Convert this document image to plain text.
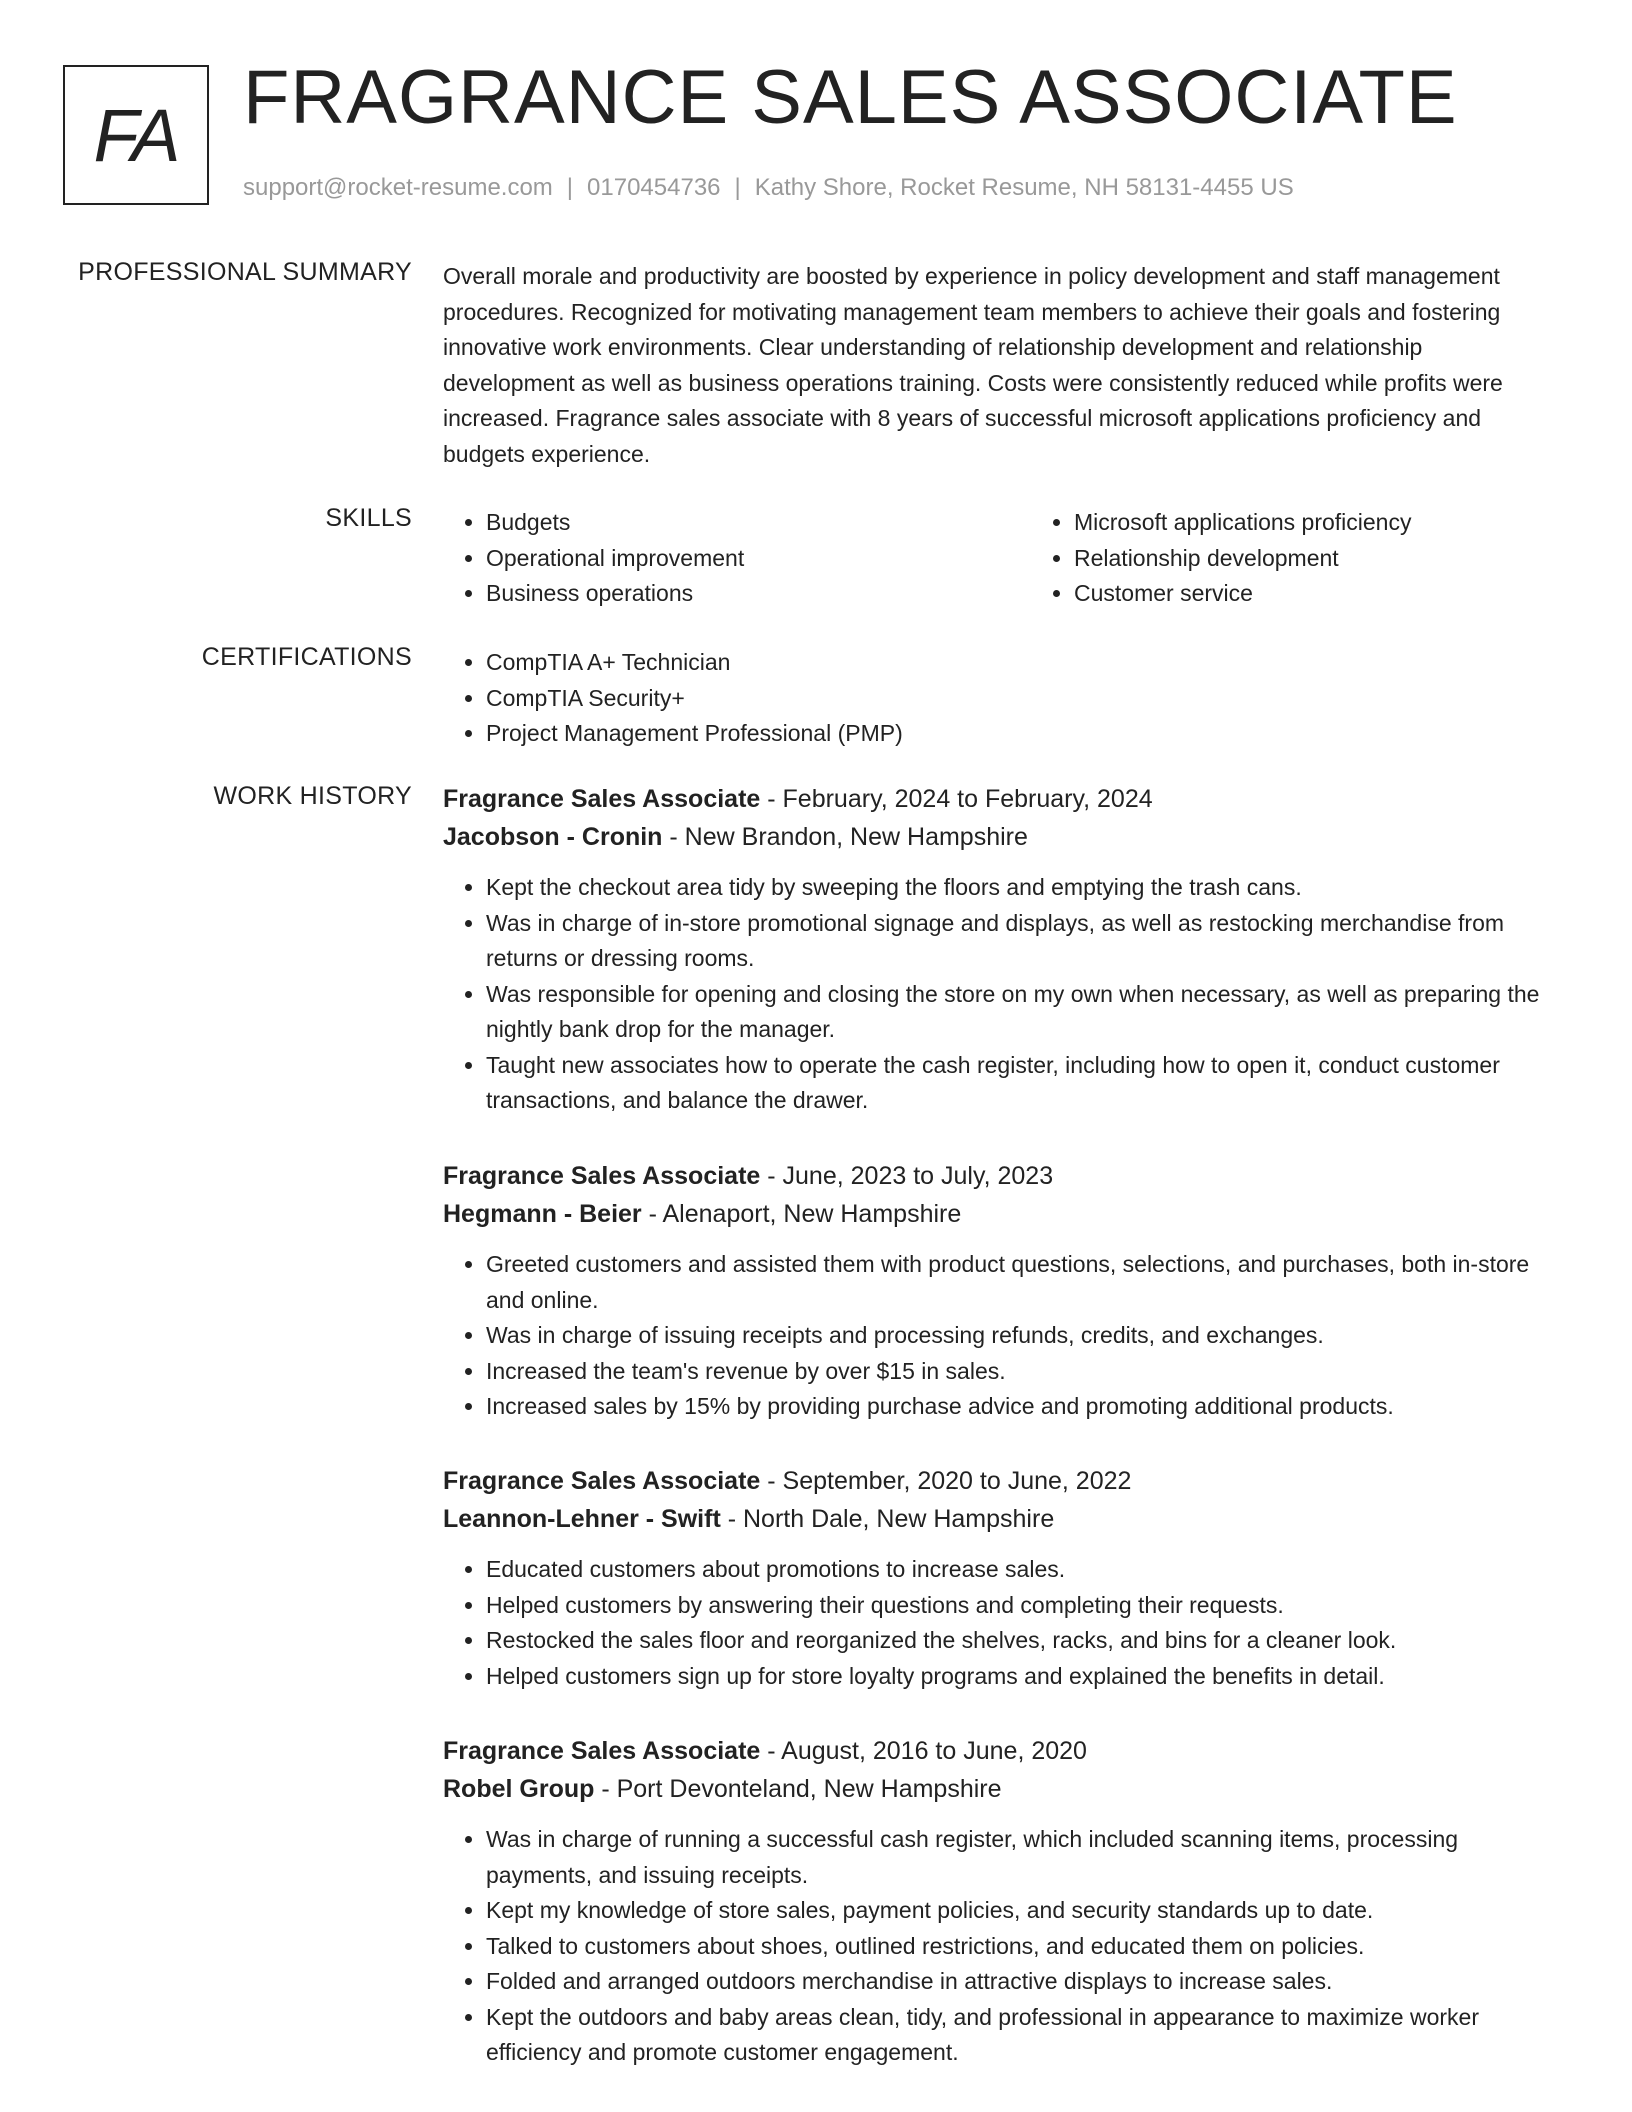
FA FRAGRANCE SALES ASSOCIATE
support@rocket-resume.com | 0170454736 | Kathy Shore, Rocket Resume, NH 58131-4455 US
PROFESSIONAL SUMMARY Overall morale and productivity are boosted by experience in policy development and staff management procedures. Recognized for motivating management team members to achieve their goals and fostering innovative work environments. Clear understanding of relationship development and relationship development as well as business operations training. Costs were consistently reduced while profits were increased. Fragrance sales associate with 8 years of successful microsoft applications proficiency and budgets experience.

SKILLS	• Budgets
• Operational improvement
• Business operations
• Microsoft applications proficiency
• Relationship development
• Customer service
CERTIFICATIONS	• CompTIA A+ Technician
• CompTIA Security+
• Project Management Professional (PMP)
WORK HISTORY Fragrance Sales Associate - February, 2024 to February, 2024

Jacobson - Cronin - New Brandon, New Hampshire

• Kept the checkout area tidy by sweeping the floors and emptying the trash cans.
• Was in charge of in-store promotional signage and displays, as well as restocking merchandise from returns or dressing rooms.
• Was responsible for opening and closing the store on my own when necessary, as well as preparing the nightly bank drop for the manager.
• Taught new associates how to operate the cash register, including how to open it, conduct customer transactions, and balance the drawer.

Fragrance Sales Associate - June, 2023 to July, 2023

Hegmann - Beier - Alenaport, New Hampshire

• Greeted customers and assisted them with product questions, selections, and purchases, both in-store and online.
• Was in charge of issuing receipts and processing refunds, credits, and exchanges.
• Increased the team's revenue by over $15 in sales.
• Increased sales by 15% by providing purchase advice and promoting additional products.

Fragrance Sales Associate - September, 2020 to June, 2022

Leannon-Lehner - Swift - North Dale, New Hampshire

• Educated customers about promotions to increase sales.
• Helped customers by answering their questions and completing their requests.
• Restocked the sales floor and reorganized the shelves, racks, and bins for a cleaner look.
• Helped customers sign up for store loyalty programs and explained the benefits in detail.

Fragrance Sales Associate - August, 2016 to June, 2020

Robel Group - Port Devonteland, New Hampshire

• Was in charge of running a successful cash register, which included scanning items, processing payments, and issuing receipts.
• Kept my knowledge of store sales, payment policies, and security standards up to date.
• Talked to customers about shoes, outlined restrictions, and educated them on policies.
• Folded and arranged outdoors merchandise in attractive displays to increase sales.
• Kept the outdoors and baby areas clean, tidy, and professional in appearance to maximize worker efficiency and promote customer engagement.
